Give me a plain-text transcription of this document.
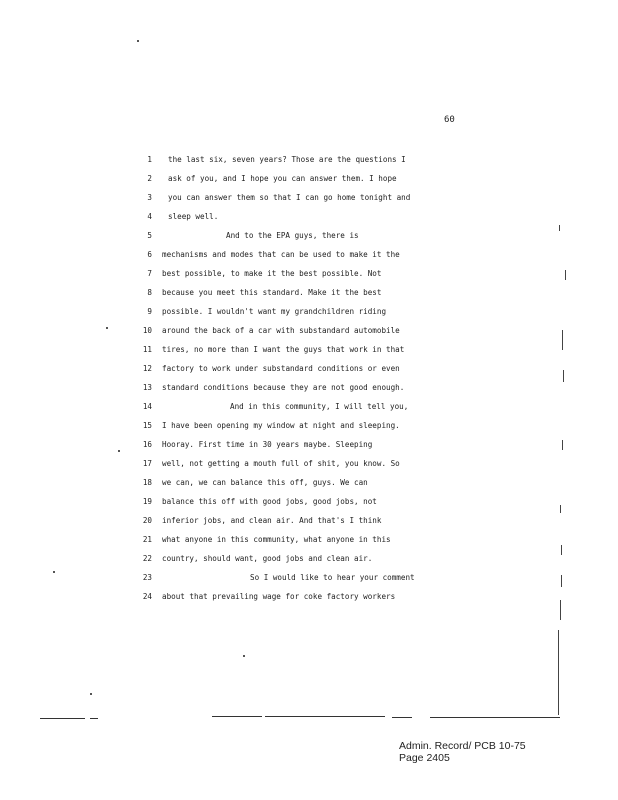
60
1 the last six, seven years? Those are the questions I
2 ask of you, and I hope you can answer them. I hope
3 you can answer them so that I can go home tonight and
4 sleep well.
5	And to the EPA guys, there is
6 mechanisms and modes that can be used to make it the
7 best possible, to make it the best possible. Not
8 because you meet this standard. Make it the best
9 possible. I wouldn't want my grandchildren riding
10 around the back of a car with substandard automobile
11 tires, no more than I want the guys that work in that
12 factory to work under substandard conditions or even
13 standard conditions because they are not good enough.
14	And in this community, I will tell you,
15 I have been opening my window at night and sleeping.
16 Hooray. First time in 30 years maybe. Sleeping
17 well, not getting a mouth full of shit, you know. So
18 we can, we can balance this off, guys. We can
19 balance this off with good jobs, good jobs, not
20 inferior jobs, and clean air. And that's I think
21 what anyone in this community, what anyone in this
22 country, should want, good jobs and clean air.
23	So I would like to hear your comment
24 about that prevailing wage for coke factory workers
Admin. Record/ PCB 10-75
Page 2405
